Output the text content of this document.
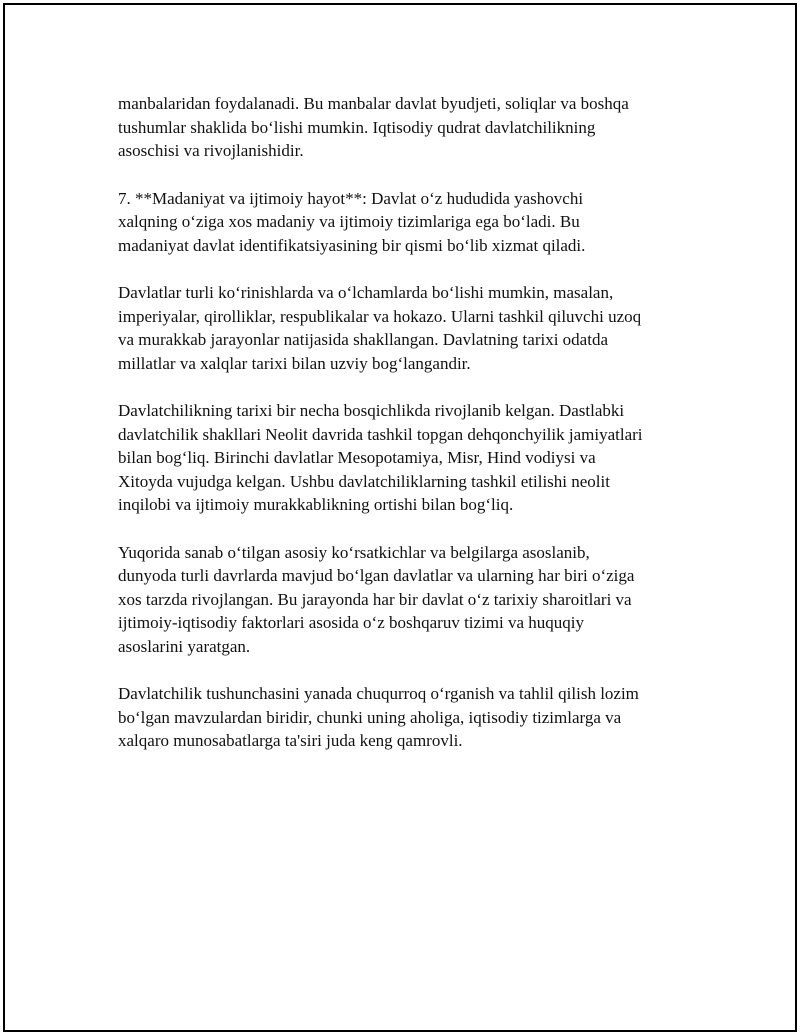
manbalaridan foydalanadi. Bu manbalar davlat byudjeti, soliqlar va boshqa
tushumlar shaklida bo‘lishi mumkin. Iqtisodiy qudrat davlatchilikning
asoschisi va rivojlanishidir.

7. **Madaniyat va ijtimoiy hayot**: Davlat o‘z hududida yashovchi
xalqning o‘ziga xos madaniy va ijtimoiy tizimlariga ega bo‘ladi. Bu
madaniyat davlat identifikatsiyasining bir qismi bo‘lib xizmat qiladi.

Davlatlar turli ko‘rinishlarda va o‘lchamlarda bo‘lishi mumkin, masalan,
imperiyalar, qirolliklar, respublikalar va hokazo. Ularni tashkil qiluvchi uzoq
va murakkab jarayonlar natijasida shakllangan. Davlatning tarixi odatda
millatlar va xalqlar tarixi bilan uzviy bog‘langandir.

Davlatchilikning tarixi bir necha bosqichlikda rivojlanib kelgan. Dastlabki
davlatchilik shakllari Neolit davrida tashkil topgan dehqonchyilik jamiyatlari
bilan bog‘liq. Birinchi davlatlar Mesopotamiya, Misr, Hind vodiysi va
Xitoyda vujudga kelgan. Ushbu davlatchiliklarning tashkil etilishi neolit
inqilobi va ijtimoiy murakkablikning ortishi bilan bog‘liq.

Yuqorida sanab o‘tilgan asosiy ko‘rsatkichlar va belgilarga asoslanib,
dunyoda turli davrlarda mavjud bo‘lgan davlatlar va ularning har biri o‘ziga
xos tarzda rivojlangan. Bu jarayonda har bir davlat o‘z tarixiy sharoitlari va
ijtimoiy-iqtisodiy faktorlari asosida o‘z boshqaruv tizimi va huquqiy
asoslarini yaratgan.

Davlatchilik tushunchasini yanada chuqurroq o‘rganish va tahlil qilish lozim
bo‘lgan mavzulardan biridir, chunki uning aholiga, iqtisodiy tizimlarga va
xalqaro munosabatlarga ta'siri juda keng qamrovli.
